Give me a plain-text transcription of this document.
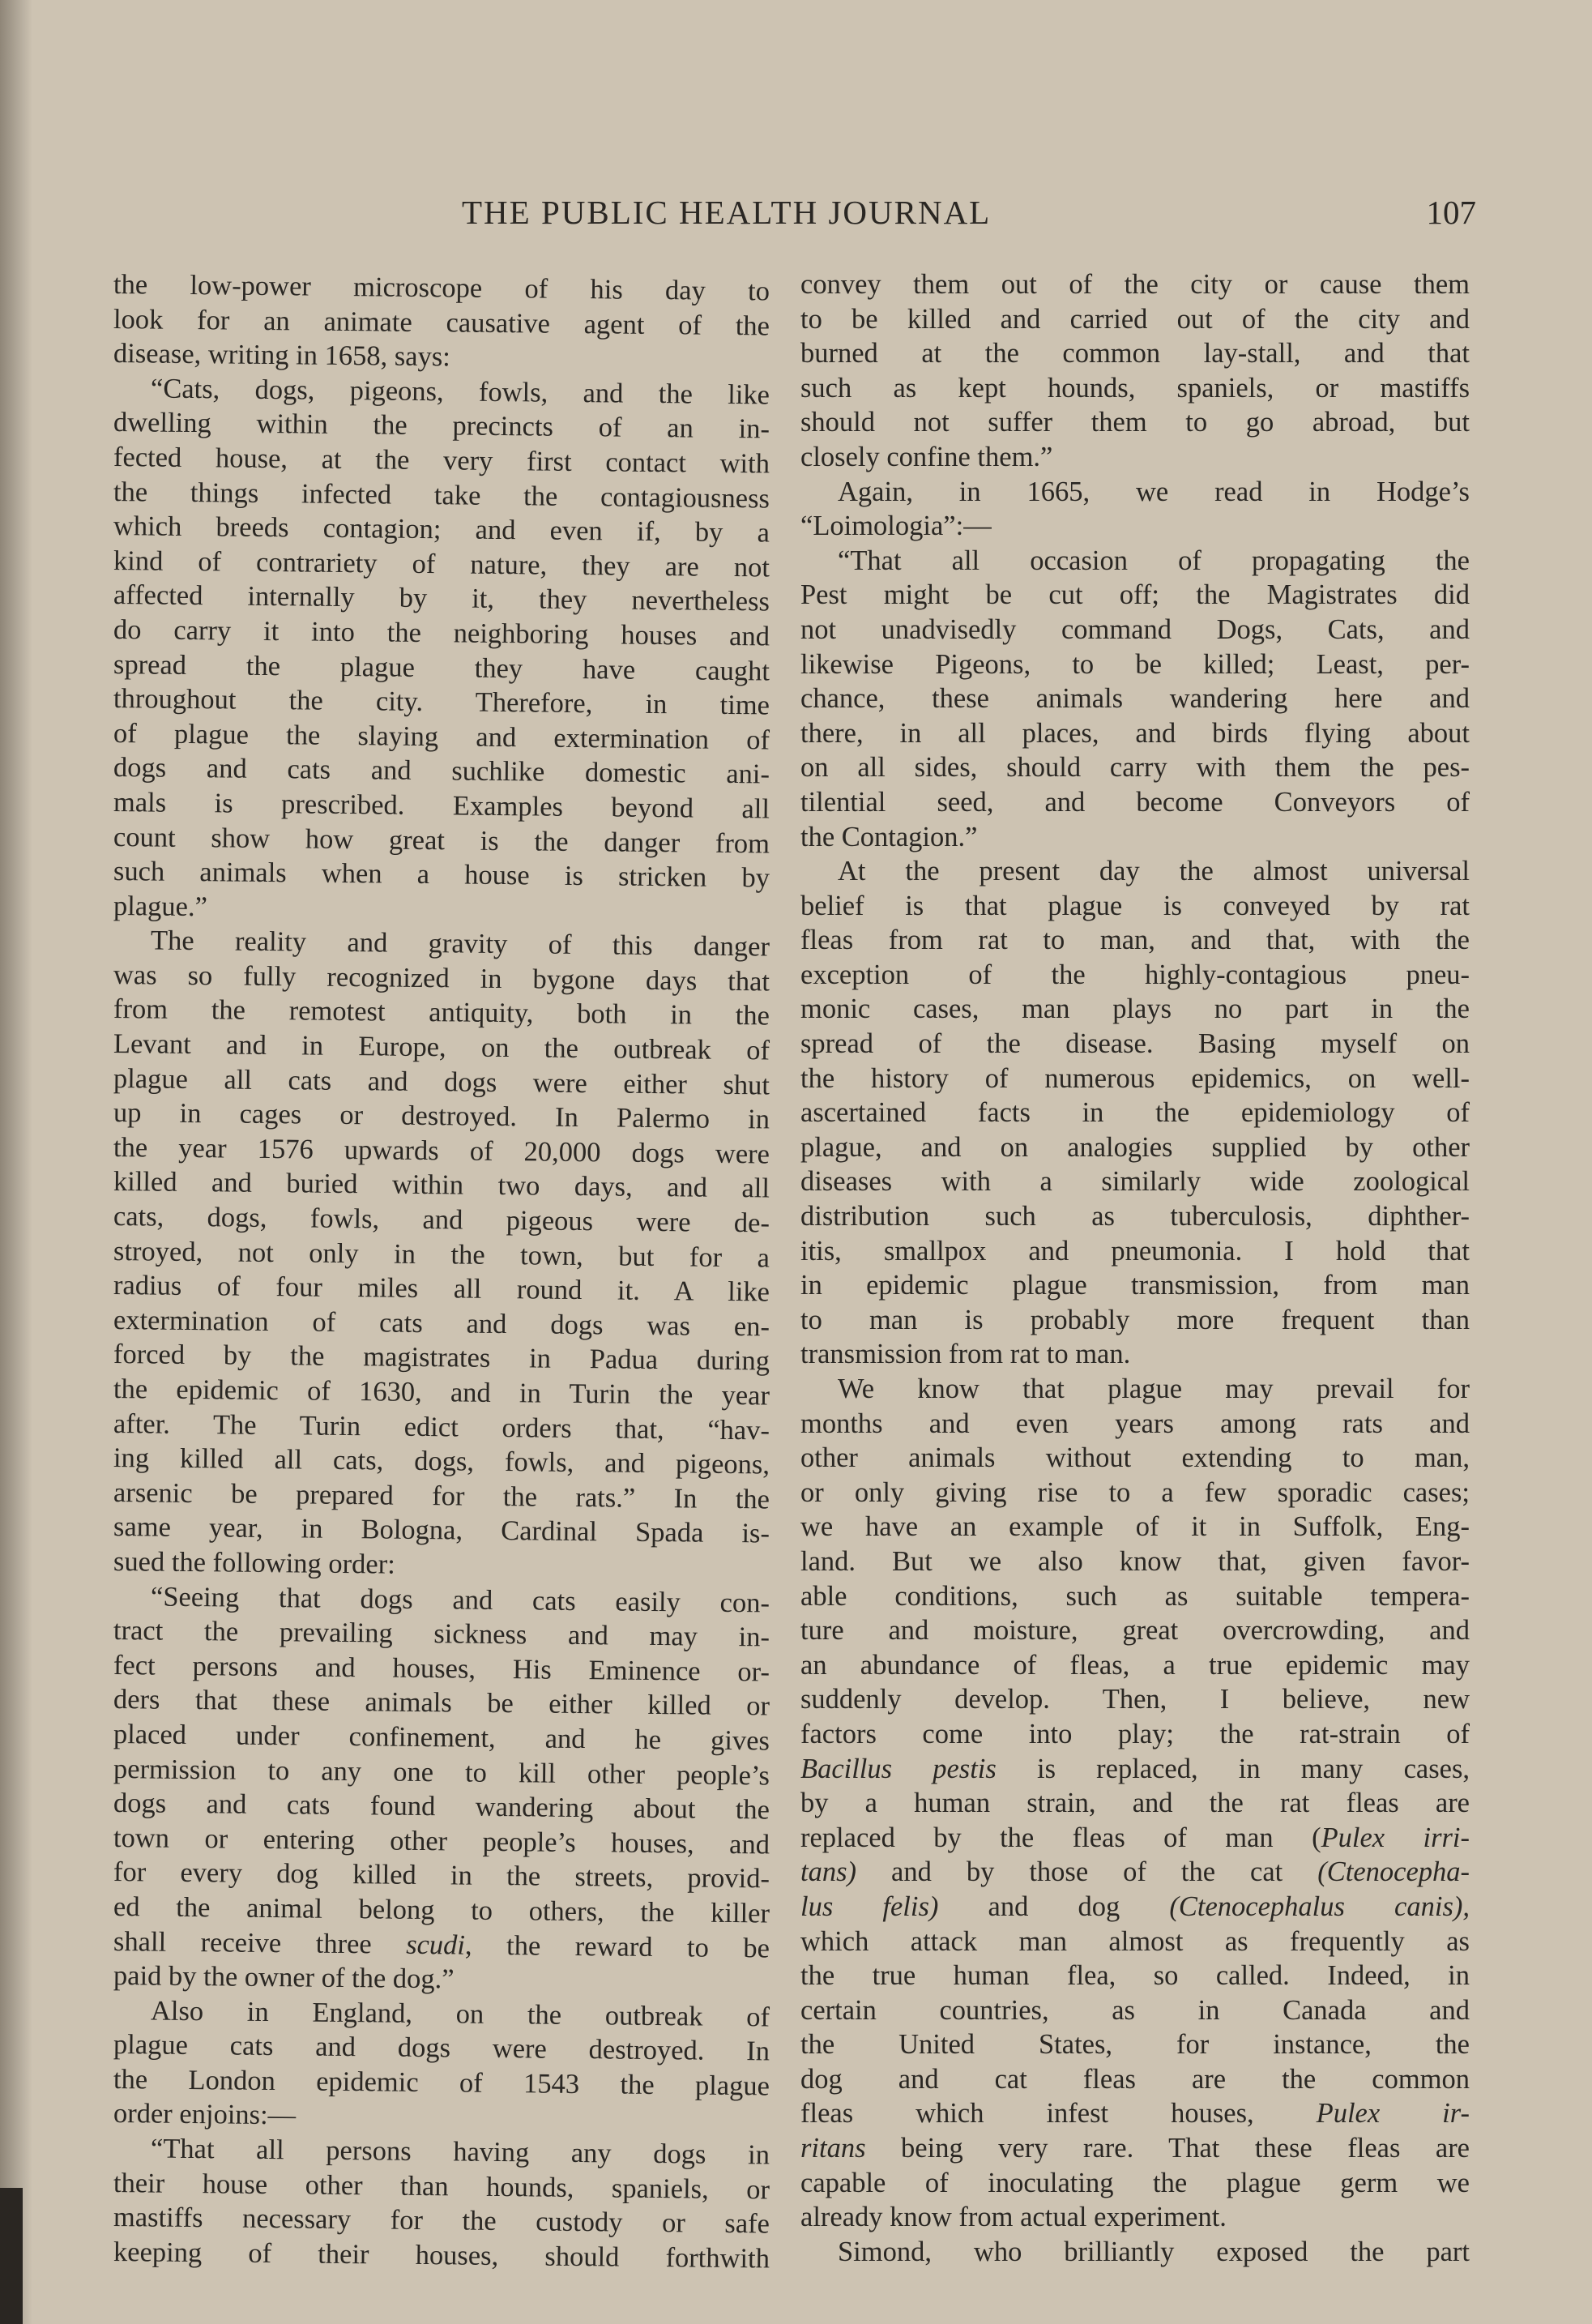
THE PUBLIC HEALTH JOURNAL	107
the low-power microscope of his day to
look for an animate causative agent of the
disease, writing in 1658, says:
“Cats, dogs, pigeons, fowls, and the like
dwelling within the precincts of an in-
fected house, at the very first contact with
the things infected take the contagiousness
which breeds contagion; and even if, by a
kind of contrariety of nature, they are not
affected internally by it, they nevertheless
do carry it into the neighboring houses and
spread the plague they have caught
throughout the city. Therefore, in time
of plague the slaying and extermination of
dogs and cats and suchlike domestic ani-
mals is prescribed. Examples beyond all
count show how great is the danger from
such animals when a house is stricken by
plague.”
The reality and gravity of this danger
was so fully recognized in bygone days that
from the remotest antiquity, both in the
Levant and in Europe, on the outbreak of
plague all cats and dogs were either shut
up in cages or destroyed. In Palermo in
the year 1576 upwards of 20,000 dogs were
killed and buried within two days, and all
cats, dogs, fowls, and pigeous were de-
stroyed, not only in the town, but for a
radius of four miles all round it. A like
extermination of cats and dogs was en-
forced by the magistrates in Padua during
the epidemic of 1630, and in Turin the year
after. The Turin edict orders that, “hav-
ing killed all cats, dogs, fowls, and pigeons,
arsenic be prepared for the rats.” In the
same year, in Bologna, Cardinal Spada is-
sued the following order:
“Seeing that dogs and cats easily con-
tract the prevailing sickness and may in-
fect persons and houses, His Eminence or-
ders that these animals be either killed or
placed under confinement, and he gives
permission to any one to kill other people’s
dogs and cats found wandering about the
town or entering other people’s houses, and
for every dog killed in the streets, provid-
ed the animal belong to others, the killer
shall receive three scudi, the reward to be
paid by the owner of the dog.”
Also in England, on the outbreak of
plague cats and dogs were destroyed. In
the London epidemic of 1543 the plague
order enjoins:—
“That all persons having any dogs in
their house other than hounds, spaniels, or
mastiffs necessary for the custody or safe
keeping of their houses, should forthwith
convey them out of the city or cause them
to be killed and carried out of the city and
burned at the common lay-stall, and that
such as kept hounds, spaniels, or mastiffs
should not suffer them to go abroad, but
closely confine them.”
Again, in 1665, we read in Hodge’s
“Loimologia”:—
“That all occasion of propagating the
Pest might be cut off; the Magistrates did
not unadvisedly command Dogs, Cats, and
likewise Pigeons, to be killed; Least, per-
chance, these animals wandering here and
there, in all places, and birds flying about
on all sides, should carry with them the pes-
tilential seed, and become Conveyors of
the Contagion.”
At the present day the almost universal
belief is that plague is conveyed by rat
fleas from rat to man, and that, with the
exception of the highly-contagious pneu-
monic cases, man plays no part in the
spread of the disease. Basing myself on
the history of numerous epidemics, on well-
ascertained facts in the epidemiology of
plague, and on analogies supplied by other
diseases with a similarly wide zoological
distribution such as tuberculosis, diphther-
itis, smallpox and pneumonia. I hold that
in epidemic plague transmission, from man
to man is probably more frequent than
transmission from rat to man.
We know that plague may prevail for
months and even years among rats and
other animals without extending to man,
or only giving rise to a few sporadic cases;
we have an example of it in Suffolk, Eng-
land. But we also know that, given favor-
able conditions, such as suitable tempera-
ture and moisture, great overcrowding, and
an abundance of fleas, a true epidemic may
suddenly develop. Then, I believe, new
factors come into play; the rat-strain of
Bacillus pestis is replaced, in many cases,
by a human strain, and the rat fleas are
replaced by the fleas of man (Pulex irri-
tans) and by those of the cat (Ctenocepha-
lus felis) and dog (Ctenocephalus canis),
which attack man almost as frequently as
the true human flea, so called. Indeed, in
certain countries, as in Canada and
the United States, for instance, the
dog and cat fleas are the common
fleas which infest houses, Pulex ir-
ritans being very rare. That these fleas are
capable of inoculating the plague germ we
already know from actual experiment.
Simond, who brilliantly exposed the part
